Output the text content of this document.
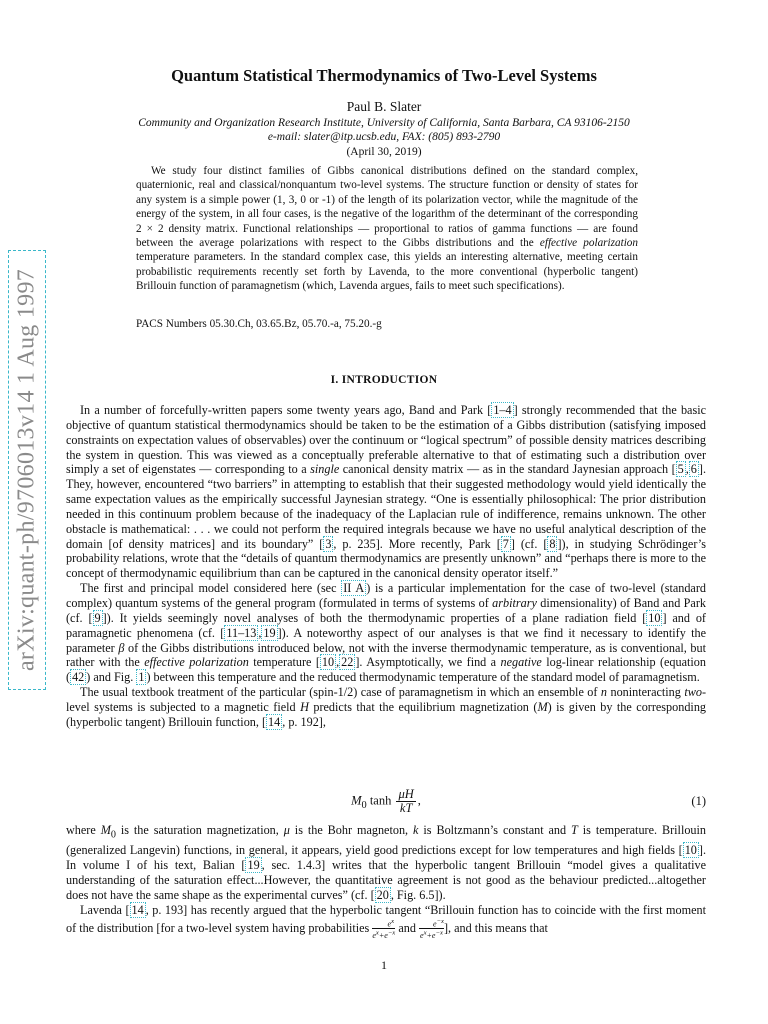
arXiv:quant-ph/9706013v14 1 Aug 1997
Quantum Statistical Thermodynamics of Two-Level Systems
Paul B. Slater
Community and Organization Research Institute, University of California, Santa Barbara, CA 93106-2150
e-mail: slater@itp.ucsb.edu, FAX: (805) 893-2790
(April 30, 2019)

We study four distinct families of Gibbs canonical distributions defined on the standard complex, quaternionic, real and classical/nonquantum two-level systems. The structure function or density of states for any system is a simple power (1, 3, 0 or -1) of the length of its polarization vector, while the magnitude of the energy of the system, in all four cases, is the negative of the logarithm of the determinant of the corresponding 2 × 2 density matrix. Functional relationships — proportional to ratios of gamma functions — are found between the average polarizations with respect to the Gibbs distributions and the effective polarization temperature parameters. In the standard complex case, this yields an interesting alternative, meeting certain probabilistic requirements recently set forth by Lavenda, to the more conventional (hyperbolic tangent) Brillouin function of paramagnetism (which, Lavenda argues, fails to meet such specifications).

PACS Numbers 05.30.Ch, 03.65.Bz, 05.70.-a, 75.20.-g
I. INTRODUCTION

In a number of forcefully-written papers some twenty years ago, Band and Park [ 1–4 ] strongly recommended that the basic objective of quantum statistical thermodynamics should be taken to be the estimation of a Gibbs distribution (satisfying imposed constraints on expectation values of observables) over the continuum or “logical spectrum” of possible density matrices describing the system in question. This was viewed as a conceptually preferable alternative to that of estimating such a distribution over simply a set of eigenstates — corresponding to a single canonical density matrix — as in the standard Jaynesian approach [ 5 , 6 ]. They, however, encountered “two barriers” in attempting to establish that their suggested methodology would yield identically the same expectation values as the empirically successful Jaynesian strategy. “One is essentially philosophical: The prior distribution needed in this continuum problem because of the inadequacy of the Laplacian rule of indifference, remains unknown. The other obstacle is mathematical: . . . we could not perform the required integrals because we have no useful analytical description of the domain [of density matrices] and its boundary” [ 3 , p. 235]. More recently, Park [ 7 ] (cf. [ 8 ]), in studying Schrödinger’s probability relations, wrote that the “details of quantum thermodynamics are presently unknown” and “perhaps there is more to the concept of thermodynamic equilibrium than can be captured in the canonical density operator itself.”

The first and principal model considered here (sec II A ) is a particular implementation for the case of two-level (standard complex) quantum systems of the general program (formulated in terms of systems of arbitrary dimensionality) of Band and Park (cf. [ 9 ]). It yields seemingly novel analyses of both the thermodynamic properties of a plane radiation field [ 10 ] and of paramagnetic phenomena (cf. [ 11–13 , 19 ]). A noteworthy aspect of our analyses is that we find it necessary to identify the parameter β of the Gibbs distributions introduced below, not with the inverse thermodynamic temperature, as is conventional, but rather with the effective polarization temperature [ 10 , 22 ]. Asymptotically, we find a negative log-linear relationship (equation ( 42 ) and Fig. 1 ) between this temperature and the reduced thermodynamic temperature of the standard model of paramagnetism.

The usual textbook treatment of the particular (spin-1/2) case of paramagnetism in which an ensemble of n noninteracting two-level systems is subjected to a magnetic field H predicts that the equilibrium magnetization (M) is given by the corresponding (hyperbolic tangent) Brillouin function, [ 14 , p. 192],

$M_0$ $\tanh \frac{\mu H}{kT}$ ,	(1)

where $M_0$ is the saturation magnetization, μ is the Bohr magneton, k is Boltzmann’s constant and T is temperature. Brillouin (generalized Langevin) functions, in general, it appears, yield good predictions except for low temperatures and high fields [ 10 ]. In volume I of his text, Balian [ 19 , sec. 1.4.3] writes that the hyperbolic tangent Brillouin “model gives a qualitative understanding of the saturation effect...However, the quantitative agreement is not good as the behaviour predicted...altogether does not have the same shape as the experimental curves” (cf. [ 20 , Fig. 6.5]).

Lavenda [ 14 , p. 193] has recently argued that the hyperbolic tangent “Brillouin function has to coincide with the first moment of the distribution [for a two-level system having probabilities $\frac{e^x}{e^x+e^{-x}}$ and $\frac{e^{-x}}{e^x+e^{-x}}$], and this means that

1
